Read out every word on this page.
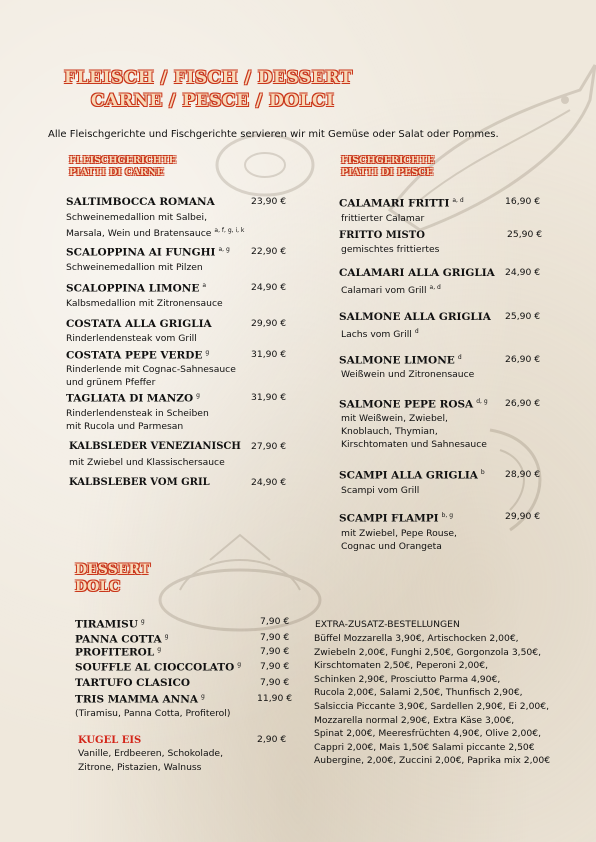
FLEISCH / FISCH / DESSERT
CARNE / PESCE / DOLCI
Alle Fleischgerichte und Fischgerichte servieren wir mit Gemüse oder Salat oder Pommes.
FLEISCHGERICHTE
PIATTI DI CARNE
SALTIMBOCCA ROMANA	23,90 €
Schweinemedallion mit Salbei,
Marsala, Wein und Bratensauce $^{a, f, g, i, k}$
SCALOPPINA AI FUNGHI $^{a, g}$ 22,90 €
Schweinemedallion mit Pilzen
SCALOPPINA LIMONE $^a$	24,90 €
Kalbsmedallion mit Zitronensauce
COSTATA ALLA GRIGLIA	29,90 €
Rinderlendensteak vom Grill
COSTATA PEPE VERDE $^g$	31,90 €
Rinderlende mit Cognac-Sahnesauce
und grünem Pfeffer
TAGLIATA DI MANZO $^g$	31,90 €
Rinderlendensteak in Scheiben
mit Rucola und Parmesan
KALBSLEDER VENEZIANISCH 27,90 €
mit Zwiebel und Klassischersauce
KALBSLEBER VOM GRIL	24,90 €
FISCHGERICHTE
PIATTI DI PESCE
CALAMARI FRITTI $^{a, d}$	16,90 €
frittierter Calamar
FRITTO MISTO	25,90 €
gemischtes frittiertes
CALAMARI ALLA GRIGLIA 24,90 €
Calamari vom Grill $^{a, d}$
SALMONE ALLA GRIGLIA 25,90 €
Lachs vom Grill $^d$
SALMONE LIMONE $^d$	26,90 €
Weißwein und Zitronensauce
SALMONE PEPE ROSA $^{d, g}$ 26,90 €
mit Weißwein, Zwiebel,
Knoblauch, Thymian,
Kirschtomaten und Sahnesauce
SCAMPI ALLA GRIGLIA $^b$ 28,90 €
Scampi vom Grill
SCAMPI FLAMPI $^{b, g}$	29,90 €
mit Zwiebel, Pepe Rouse,
Cognac und Orangeta
DESSERT
DOLC
TIRAMISU $^g$	7,90 €
PANNA COTTA $^g$	7,90 €
PROFITEROL $^g$	7,90 €
SOUFFLE AL CIOCCOLATO $^g$ 7,90 €
TARTUFO CLASICO	7,90 €
TRIS MAMMA ANNA $^g$	11,90 €
(Tiramisu, Panna Cotta, Profiterol)
KUGEL EIS	2,90 €
Vanille, Erdbeeren, Schokolade,
Zitrone, Pistazien, Walnuss
EXTRA-ZUSATZ-BESTELLUNGEN
Büffel Mozzarella 3,90€, Artischocken 2,00€,
Zwiebeln 2,00€, Funghi 2,50€, Gorgonzola 3,50€,
Kirschtomaten 2,50€, Peperoni 2,00€,
Schinken 2,90€, Prosciutto Parma 4,90€,
Rucola 2,00€, Salami 2,50€, Thunfisch 2,90€,
Salsiccia Piccante 3,90€, Sardellen 2,90€, Ei 2,00€,
Mozzarella normal 2,90€, Extra Käse 3,00€,
Spinat 2,00€, Meeresfrüchten 4,90€, Olive 2,00€,
Cappri 2,00€, Mais 1,50€ Salami piccante 2,50€
Aubergine, 2,00€, Zuccini 2,00€, Paprika mix 2,00€
